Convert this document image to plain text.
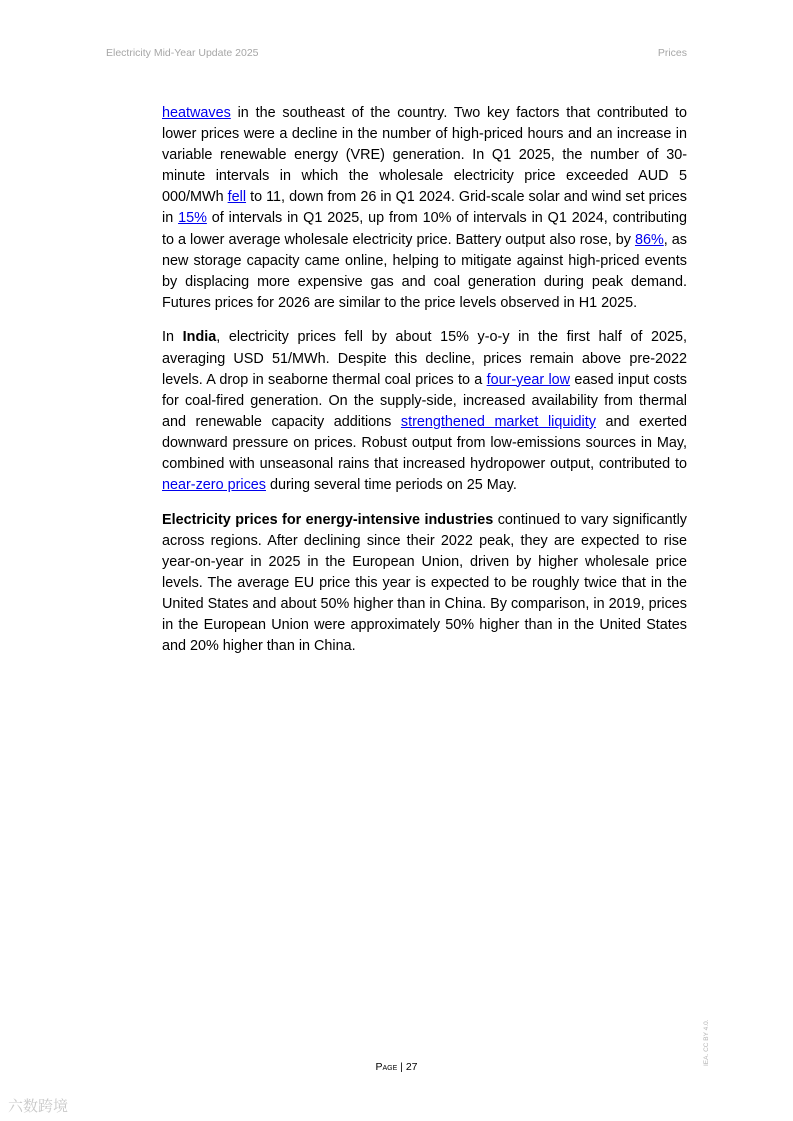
Electricity Mid-Year Update 2025	Prices

heatwaves in the southeast of the country. Two key factors that contributed to lower prices were a decline in the number of high-priced hours and an increase in variable renewable energy (VRE) generation. In Q1 2025, the number of 30-minute intervals in which the wholesale electricity price exceeded AUD 5 000/MWh fell to 11, down from 26 in Q1 2024. Grid-scale solar and wind set prices in 15% of intervals in Q1 2025, up from 10% of intervals in Q1 2024, contributing to a lower average wholesale electricity price. Battery output also rose, by 86%, as new storage capacity came online, helping to mitigate against high-priced events by displacing more expensive gas and coal generation during peak demand. Futures prices for 2026 are similar to the price levels observed in H1 2025.

In India, electricity prices fell by about 15% y-o-y in the first half of 2025, averaging USD 51/MWh. Despite this decline, prices remain above pre-2022 levels. A drop in seaborne thermal coal prices to a four-year low eased input costs for coal-fired generation. On the supply-side, increased availability from thermal and renewable capacity additions strengthened market liquidity and exerted downward pressure on prices. Robust output from low-emissions sources in May, combined with unseasonal rains that increased hydropower output, contributed to near-zero prices during several time periods on 25 May.

Electricity prices for energy-intensive industries continued to vary significantly across regions. After declining since their 2022 peak, they are expected to rise year-on-year in 2025 in the European Union, driven by higher wholesale price levels. The average EU price this year is expected to be roughly twice that in the United States and about 50% higher than in China. By comparison, in 2019, prices in the European Union were approximately 50% higher than in the United States and 20% higher than in China.

Page | 27
IEA. CC BY 4.0.
六数跨境
